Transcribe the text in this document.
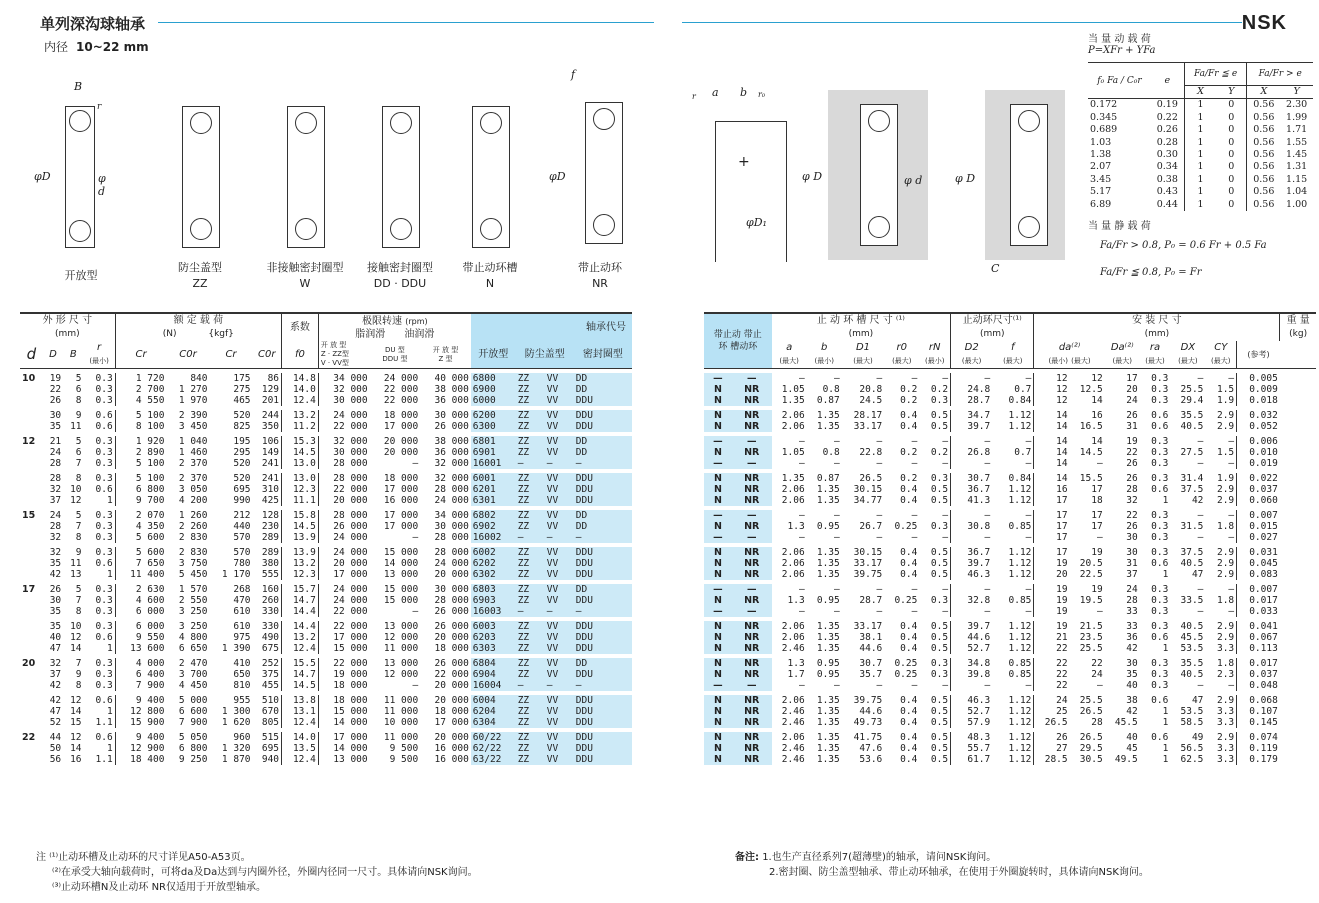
单列深沟球轴承
内径 10~22 mm
NSK
B
r
φD	φ d
开放型
防尘盖型
ZZ
非接触密封圈型
W
接触密封圈型
DD · DDU
带止动环槽
N
f
φD
带止动环
NR
+
a b r₀
r
φD₁
φ D	φ d	φ D
C
当 量 动 载 荷
P=XFr + YFa
f₀ Fa / C₀r	e	Fa/Fr ≦ e		Fa/Fr > e	
		X	Y	X	Y
0.172	0.19	1	0	0.56	2.30
0.345	0.22	1	0	0.56	1.99
0.689	0.26	1	0	0.56	1.71
1.03	0.28	1	0	0.56	1.55
1.38	0.30	1	0	0.56	1.45
2.07	0.34	1	0	0.56	1.31
3.45	0.38	1	0	0.56	1.15
5.17	0.43	1	0	0.56	1.04
6.89	0.44	1	0	0.56	1.00
当 量 静 载 荷
Fa/Fr > 0.8, P₀ = 0.6 Fr + 0.5 Fa
Fa/Fr ≦ 0.8, P₀ = Fr
外 形 尺 寸
(mm)				额 定 载 荷
(N) {kgf}				系数	极限转速 (rpm)
脂润滑 油润滑			轴承代号			
d	D	B	r
(最小)	Cr	C0r	Cr	C0r	f0	开 放 型
Z · ZZ型
V · VV型	DU 型
DDU 型	开 放 型
Z 型	开放型	防尘盖型		密封圈型

10	19	5	0.3	1 720	840	175	86	14.8	34 000	24 000	40 000	6800	ZZ	VV	DD
	22	6	0.3	2 700	1 270	275	129	14.0	32 000	22 000	38 000	6900	ZZ	VV	DD
	26	8	0.3	4 550	1 970	465	201	12.4	30 000	22 000	36 000	6000	ZZ	VV	DDU

	30	9	0.6	5 100	2 390	520	244	13.2	24 000	18 000	30 000	6200	ZZ	VV	DDU
	35	11	0.6	8 100	3 450	825	350	11.2	22 000	17 000	26 000	6300	ZZ	VV	DDU

12	21	5	0.3	1 920	1 040	195	106	15.3	32 000	20 000	38 000	6801	ZZ	VV	DD
	24	6	0.3	2 890	1 460	295	149	14.5	30 000	20 000	36 000	6901	ZZ	VV	DD
	28	7	0.3	5 100	2 370	520	241	13.0	28 000	—	32 000	16001	—	—	—

	28	8	0.3	5 100	2 370	520	241	13.0	28 000	18 000	32 000	6001	ZZ	VV	DDU
	32	10	0.6	6 800	3 050	695	310	12.3	22 000	17 000	28 000	6201	ZZ	VV	DDU
	37	12	1	9 700	4 200	990	425	11.1	20 000	16 000	24 000	6301	ZZ	VV	DDU

15	24	5	0.3	2 070	1 260	212	128	15.8	28 000	17 000	34 000	6802	ZZ	VV	DD
	28	7	0.3	4 350	2 260	440	230	14.5	26 000	17 000	30 000	6902	ZZ	VV	DD
	32	8	0.3	5 600	2 830	570	289	13.9	24 000	—	28 000	16002	—	—	—

	32	9	0.3	5 600	2 830	570	289	13.9	24 000	15 000	28 000	6002	ZZ	VV	DDU
	35	11	0.6	7 650	3 750	780	380	13.2	20 000	14 000	24 000	6202	ZZ	VV	DDU
	42	13	1	11 400	5 450	1 170	555	12.3	17 000	13 000	20 000	6302	ZZ	VV	DDU

17	26	5	0.3	2 630	1 570	268	160	15.7	24 000	15 000	30 000	6803	ZZ	VV	DD
	30	7	0.3	4 600	2 550	470	260	14.7	24 000	15 000	28 000	6903	ZZ	VV	DDU
	35	8	0.3	6 000	3 250	610	330	14.4	22 000	—	26 000	16003	—	—	—

	35	10	0.3	6 000	3 250	610	330	14.4	22 000	13 000	26 000	6003	ZZ	VV	DDU
	40	12	0.6	9 550	4 800	975	490	13.2	17 000	12 000	20 000	6203	ZZ	VV	DDU
	47	14	1	13 600	6 650	1 390	675	12.4	15 000	11 000	18 000	6303	ZZ	VV	DDU

20	32	7	0.3	4 000	2 470	410	252	15.5	22 000	13 000	26 000	6804	ZZ	VV	DD
	37	9	0.3	6 400	3 700	650	375	14.7	19 000	12 000	22 000	6904	ZZ	VV	DDU
	42	8	0.3	7 900	4 450	810	455	14.5	18 000	—	20 000	16004	—	—	—

	42	12	0.6	9 400	5 000	955	510	13.8	18 000	11 000	20 000	6004	ZZ	VV	DDU
	47	14	1	12 800	6 600	1 300	670	13.1	15 000	11 000	18 000	6204	ZZ	VV	DDU
	52	15	1.1	15 900	7 900	1 620	805	12.4	14 000	10 000	17 000	6304	ZZ	VV	DDU

22	44	12	0.6	9 400	5 050	960	515	14.0	17 000	11 000	20 000	60/22	ZZ	VV	DDU
	50	14	1	12 900	6 800	1 320	695	13.5	14 000	9 500	16 000	62/22	ZZ	VV	DDU
	56	16	1.1	18 400	9 250	1 870	940	12.4	13 000	9 500	16 000	63/22	ZZ	VV	DDU
带止动 带止
环 槽动环		止 动 环 槽 尺 寸 ⁽¹⁾
(mm)					止动环尺寸⁽¹⁾
(mm)		安 装 尺 寸
(mm)							重 量
(kg)
		a
(最大)	b
(最小)	D1
(最大)	r0
(最大)	rN
(最小)	D2
(最大)	f
(最大)	da⁽²⁾
(最小) (最大)		Da⁽²⁾
(最大)	ra
(最大)	DX
(最大)	CY
(最大)	(参考)	

—	—	—	—	—	—	—	—	—	12	12	17	0.3	—	—	0.005	
N	NR	1.05	0.8	20.8	0.2	0.2	24.8	0.7	12	12.5	20	0.3	25.5	1.5	0.009	
N	NR	1.35	0.87	24.5	0.2	0.3	28.7	0.84	12	14	24	0.3	29.4	1.9	0.018	

N	NR	2.06	1.35	28.17	0.4	0.5	34.7	1.12	14	16	26	0.6	35.5	2.9	0.032	
N	NR	2.06	1.35	33.17	0.4	0.5	39.7	1.12	14	16.5	31	0.6	40.5	2.9	0.052	

—	—	—	—	—	—	—	—	—	14	14	19	0.3	—	—	0.006	
N	NR	1.05	0.8	22.8	0.2	0.2	26.8	0.7	14	14.5	22	0.3	27.5	1.5	0.010	
—	—	—	—	—	—	—	—	—	14	—	26	0.3	—	—	0.019	

N	NR	1.35	0.87	26.5	0.2	0.3	30.7	0.84	14	15.5	26	0.3	31.4	1.9	0.022	
N	NR	2.06	1.35	30.15	0.4	0.5	36.7	1.12	16	17	28	0.6	37.5	2.9	0.037	
N	NR	2.06	1.35	34.77	0.4	0.5	41.3	1.12	17	18	32	1	42	2.9	0.060	

—	—	—	—	—	—	—	—	—	17	17	22	0.3	—	—	0.007	
N	NR	1.3	0.95	26.7	0.25	0.3	30.8	0.85	17	17	26	0.3	31.5	1.8	0.015	
—	—	—	—	—	—	—	—	—	17	—	30	0.3	—	—	0.027	

N	NR	2.06	1.35	30.15	0.4	0.5	36.7	1.12	17	19	30	0.3	37.5	2.9	0.031	
N	NR	2.06	1.35	33.17	0.4	0.5	39.7	1.12	19	20.5	31	0.6	40.5	2.9	0.045	
N	NR	2.06	1.35	39.75	0.4	0.5	46.3	1.12	20	22.5	37	1	47	2.9	0.083	

—	—	—	—	—	—	—	—	—	19	19	24	0.3	—	—	0.007	
N	NR	1.3	0.95	28.7	0.25	0.3	32.8	0.85	19	19.5	28	0.3	33.5	1.8	0.017	
—	—	—	—	—	—	—	—	—	19	—	33	0.3	—	—	0.033	

N	NR	2.06	1.35	33.17	0.4	0.5	39.7	1.12	19	21.5	33	0.3	40.5	2.9	0.041	
N	NR	2.06	1.35	38.1	0.4	0.5	44.6	1.12	21	23.5	36	0.6	45.5	2.9	0.067	
N	NR	2.46	1.35	44.6	0.4	0.5	52.7	1.12	22	25.5	42	1	53.5	3.3	0.113	

N	NR	1.3	0.95	30.7	0.25	0.3	34.8	0.85	22	22	30	0.3	35.5	1.8	0.017	
N	NR	1.7	0.95	35.7	0.25	0.3	39.8	0.85	22	24	35	0.3	40.5	2.3	0.037	
—	—	—	—	—	—	—	—	—	22	—	40	0.3	—	—	0.048	

N	NR	2.06	1.35	39.75	0.4	0.5	46.3	1.12	24	25.5	38	0.6	47	2.9	0.068	
N	NR	2.46	1.35	44.6	0.4	0.5	52.7	1.12	25	26.5	42	1	53.5	3.3	0.107	
N	NR	2.46	1.35	49.73	0.4	0.5	57.9	1.12	26.5	28	45.5	1	58.5	3.3	0.145	

N	NR	2.06	1.35	41.75	0.4	0.5	48.3	1.12	26	26.5	40	0.6	49	2.9	0.074	
N	NR	2.46	1.35	47.6	0.4	0.5	55.7	1.12	27	29.5	45	1	56.5	3.3	0.119	
N	NR	2.46	1.35	53.6	0.4	0.5	61.7	1.12	28.5	30.5	49.5	1	62.5	3.3	0.179	
注 ⁽¹⁾止动环槽及止动环的尺寸详见A50-A53页。
⁽²⁾在承受大轴向载荷时，可将da及Da达到与内圈外径，外圈内径同一尺寸。具体请向NSK询问。
⁽³⁾止动环槽N及止动环 NR仅适用于开放型轴承。
备注: 1.也生产直径系列7(超薄壁)的轴承，请问NSK询问。
2.密封圈、防尘盖型轴承、带止动环轴承，在使用于外圈旋转时，具体请向NSK询问。
